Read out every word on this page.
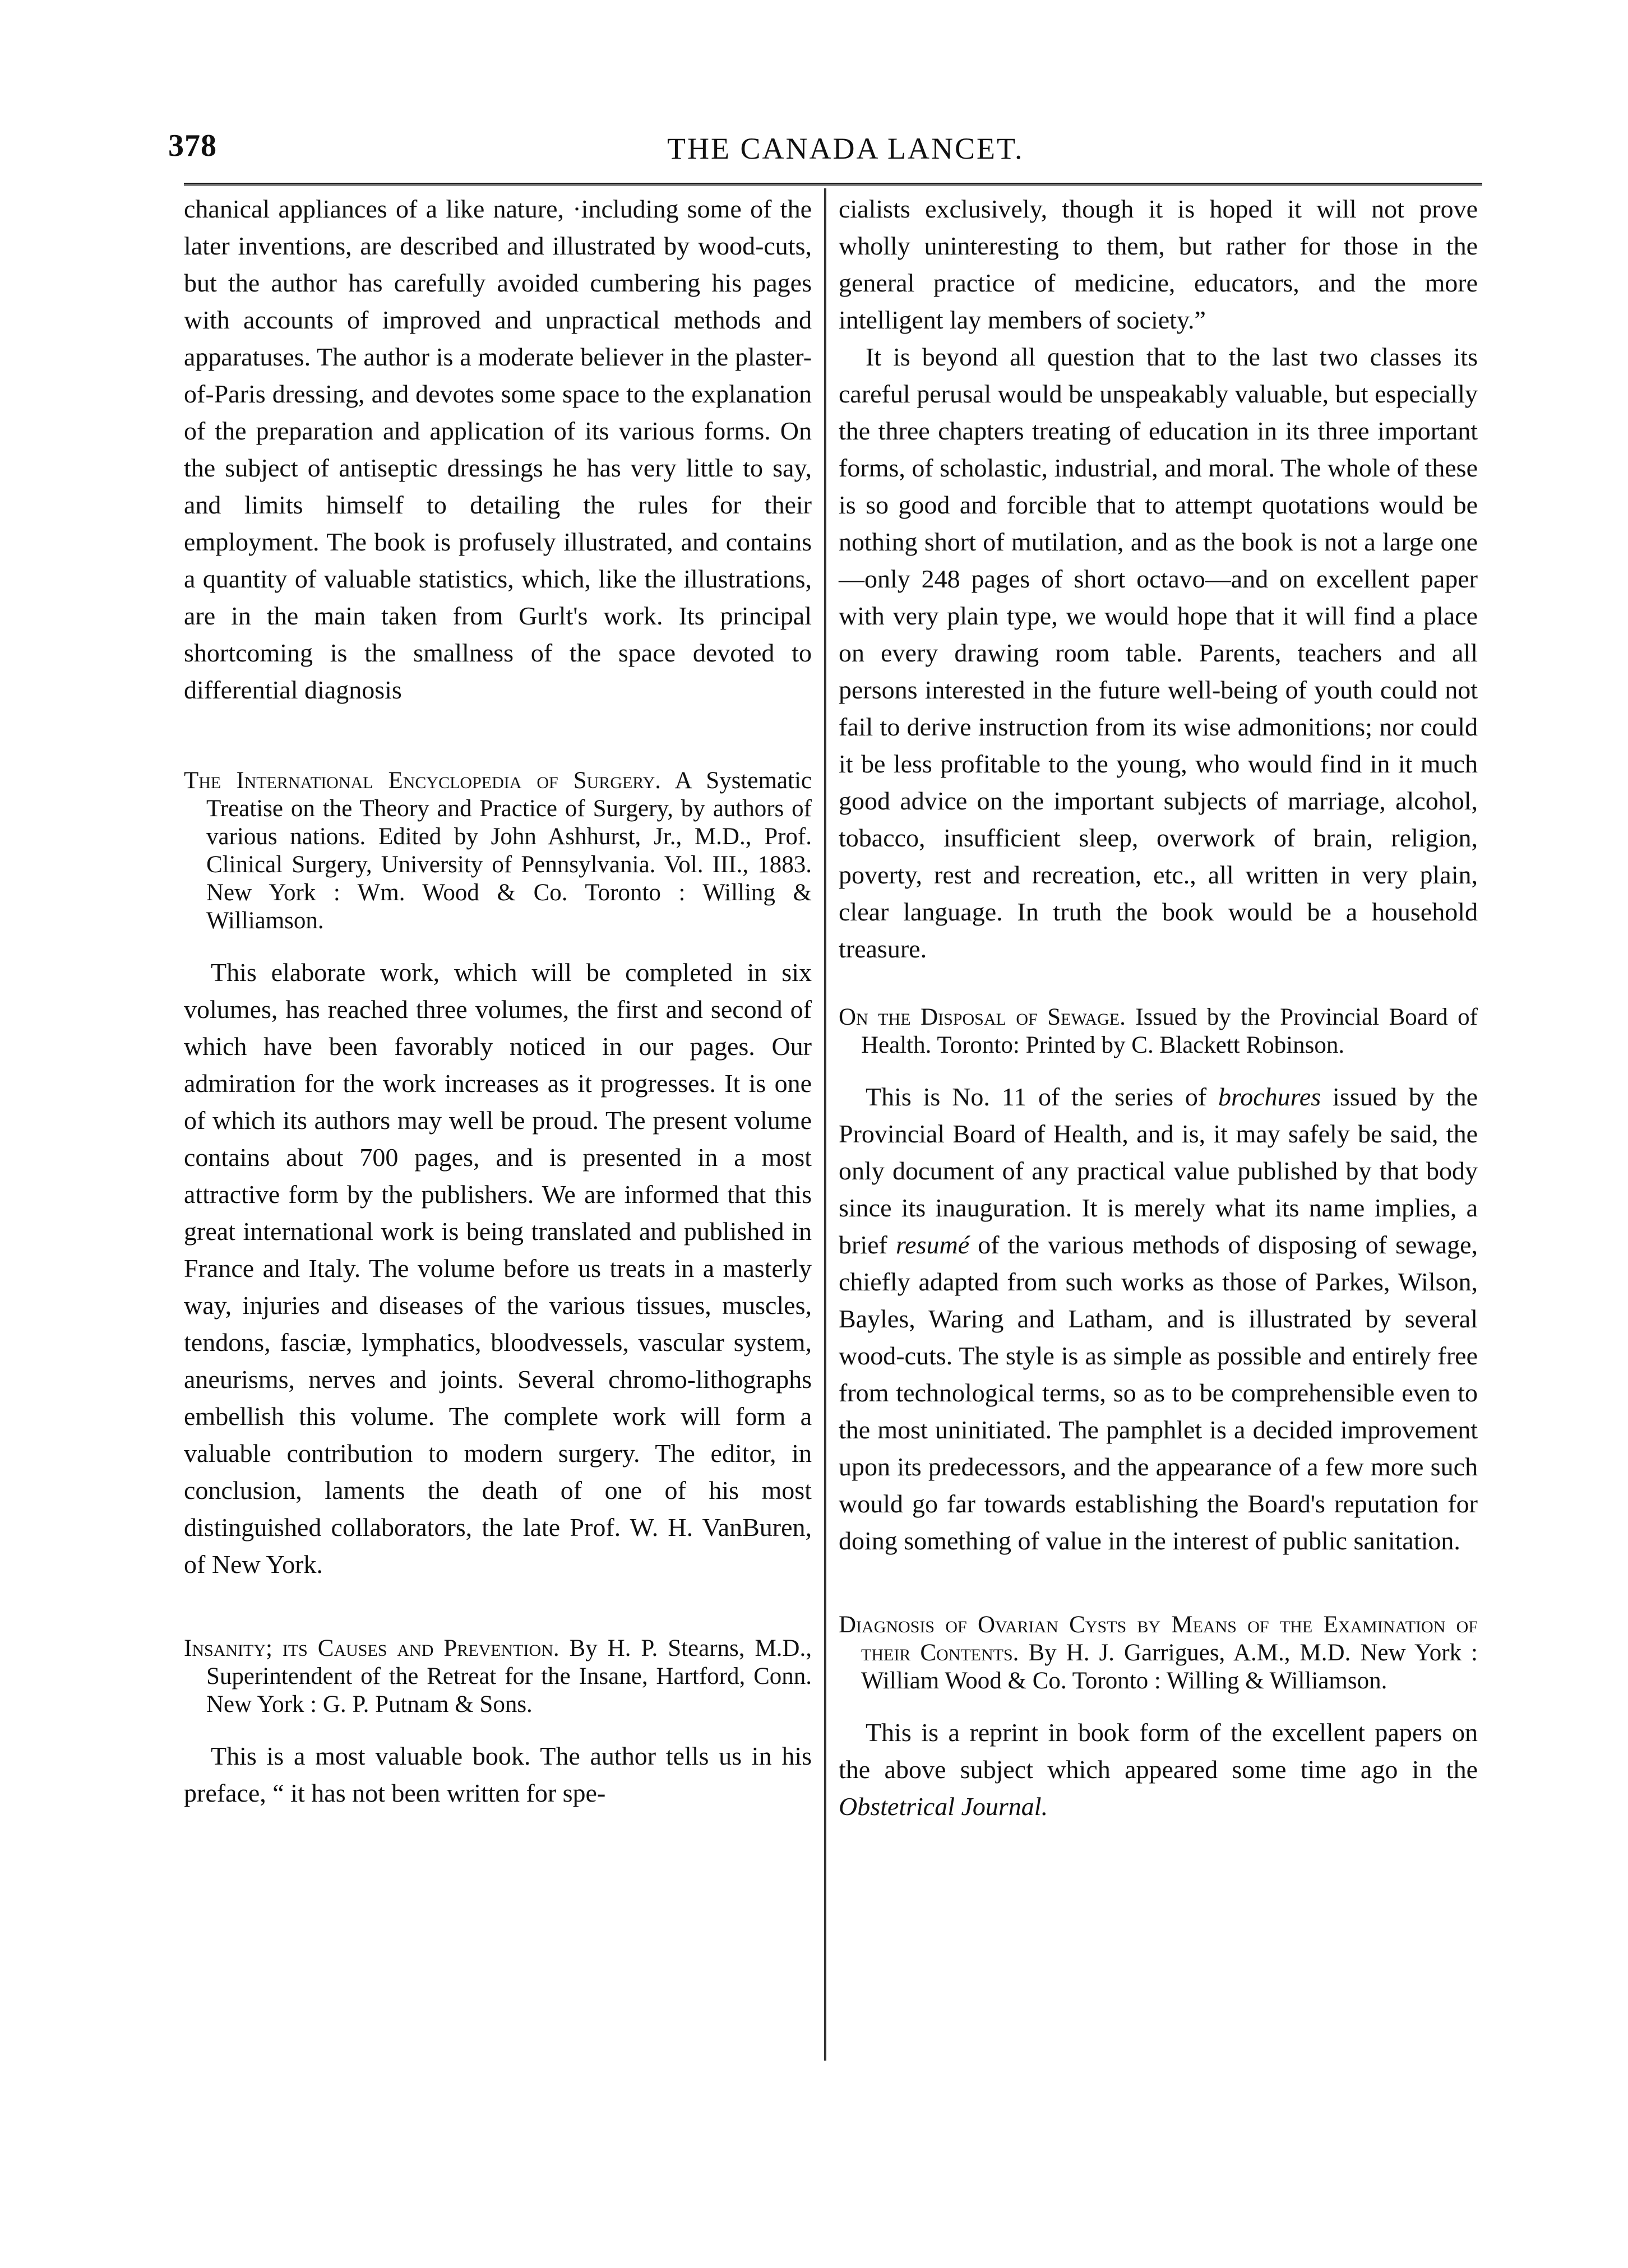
378	THE CANADA LANCET.

chanical appliances of a like nature, ·including some of the later inventions, are described and illustrated by wood-cuts, but the author has carefully avoided cumbering his pages with accounts of improved and unpractical methods and apparatuses. The author is a moderate believer in the plaster-of-Paris dressing, and devotes some space to the explanation of the preparation and application of its various forms. On the subject of antiseptic dressings he has very little to say, and limits himself to detailing the rules for their employment. The book is profusely illustrated, and contains a quantity of valuable statistics, which, like the illustrations, are in the main taken from Gurlt's work. Its principal shortcoming is the smallness of the space devoted to differential diagnosis

The International Encyclopedia of Surgery. A Systematic Treatise on the Theory and Practice of Surgery, by authors of various nations. Edited by John Ashhurst, Jr., M.D., Prof. Clinical Surgery, University of Pennsylvania. Vol. III., 1883. New York : Wm. Wood & Co. Toronto : Willing & Williamson.

This elaborate work, which will be completed in six volumes, has reached three volumes, the first and second of which have been favorably noticed in our pages. Our admiration for the work increases as it progresses. It is one of which its authors may well be proud. The present volume contains about 700 pages, and is presented in a most attractive form by the publishers. We are informed that this great international work is being translated and published in France and Italy. The volume before us treats in a masterly way, injuries and diseases of the various tissues, muscles, tendons, fasciæ, lymphatics, bloodvessels, vascular system, aneurisms, nerves and joints. Several chromo-lithographs embellish this volume. The complete work will form a valuable contribution to modern surgery. The editor, in conclusion, laments the death of one of his most distinguished collaborators, the late Prof. W. H. VanBuren, of New York.

Insanity; its Causes and Prevention. By H. P. Stearns, M.D., Superintendent of the Retreat for the Insane, Hartford, Conn. New York : G. P. Putnam & Sons.

This is a most valuable book. The author tells us in his preface, “ it has not been written for spe-

cialists exclusively, though it is hoped it will not prove wholly uninteresting to them, but rather for those in the general practice of medicine, educators, and the more intelligent lay members of society.”

It is beyond all question that to the last two classes its careful perusal would be unspeakably valuable, but especially the three chapters treating of education in its three important forms, of scholastic, industrial, and moral. The whole of these is so good and forcible that to attempt quotations would be nothing short of mutilation, and as the book is not a large one—only 248 pages of short octavo—and on excellent paper with very plain type, we would hope that it will find a place on every drawing room table. Parents, teachers and all persons interested in the future well-being of youth could not fail to derive instruction from its wise admonitions; nor could it be less profitable to the young, who would find in it much good advice on the important subjects of marriage, alcohol, tobacco, insufficient sleep, overwork of brain, religion, poverty, rest and recreation, etc., all written in very plain, clear language. In truth the book would be a household treasure.

On the Disposal of Sewage. Issued by the Provincial Board of Health. Toronto: Printed by C. Blackett Robinson.

This is No. 11 of the series of brochures issued by the Provincial Board of Health, and is, it may safely be said, the only document of any practical value published by that body since its inauguration. It is merely what its name implies, a brief resumé of the various methods of disposing of sewage, chiefly adapted from such works as those of Parkes, Wilson, Bayles, Waring and Latham, and is illustrated by several wood-cuts. The style is as simple as possible and entirely free from technological terms, so as to be comprehensible even to the most uninitiated. The pamphlet is a decided improvement upon its predecessors, and the appearance of a few more such would go far towards establishing the Board's reputation for doing something of value in the interest of public sanitation.

Diagnosis of Ovarian Cysts by Means of the Examination of their Contents. By H. J. Garrigues, A.M., M.D. New York : William Wood & Co. Toronto : Willing & Williamson.

This is a reprint in book form of the excellent papers on the above subject which appeared some time ago in the Obstetrical Journal.
